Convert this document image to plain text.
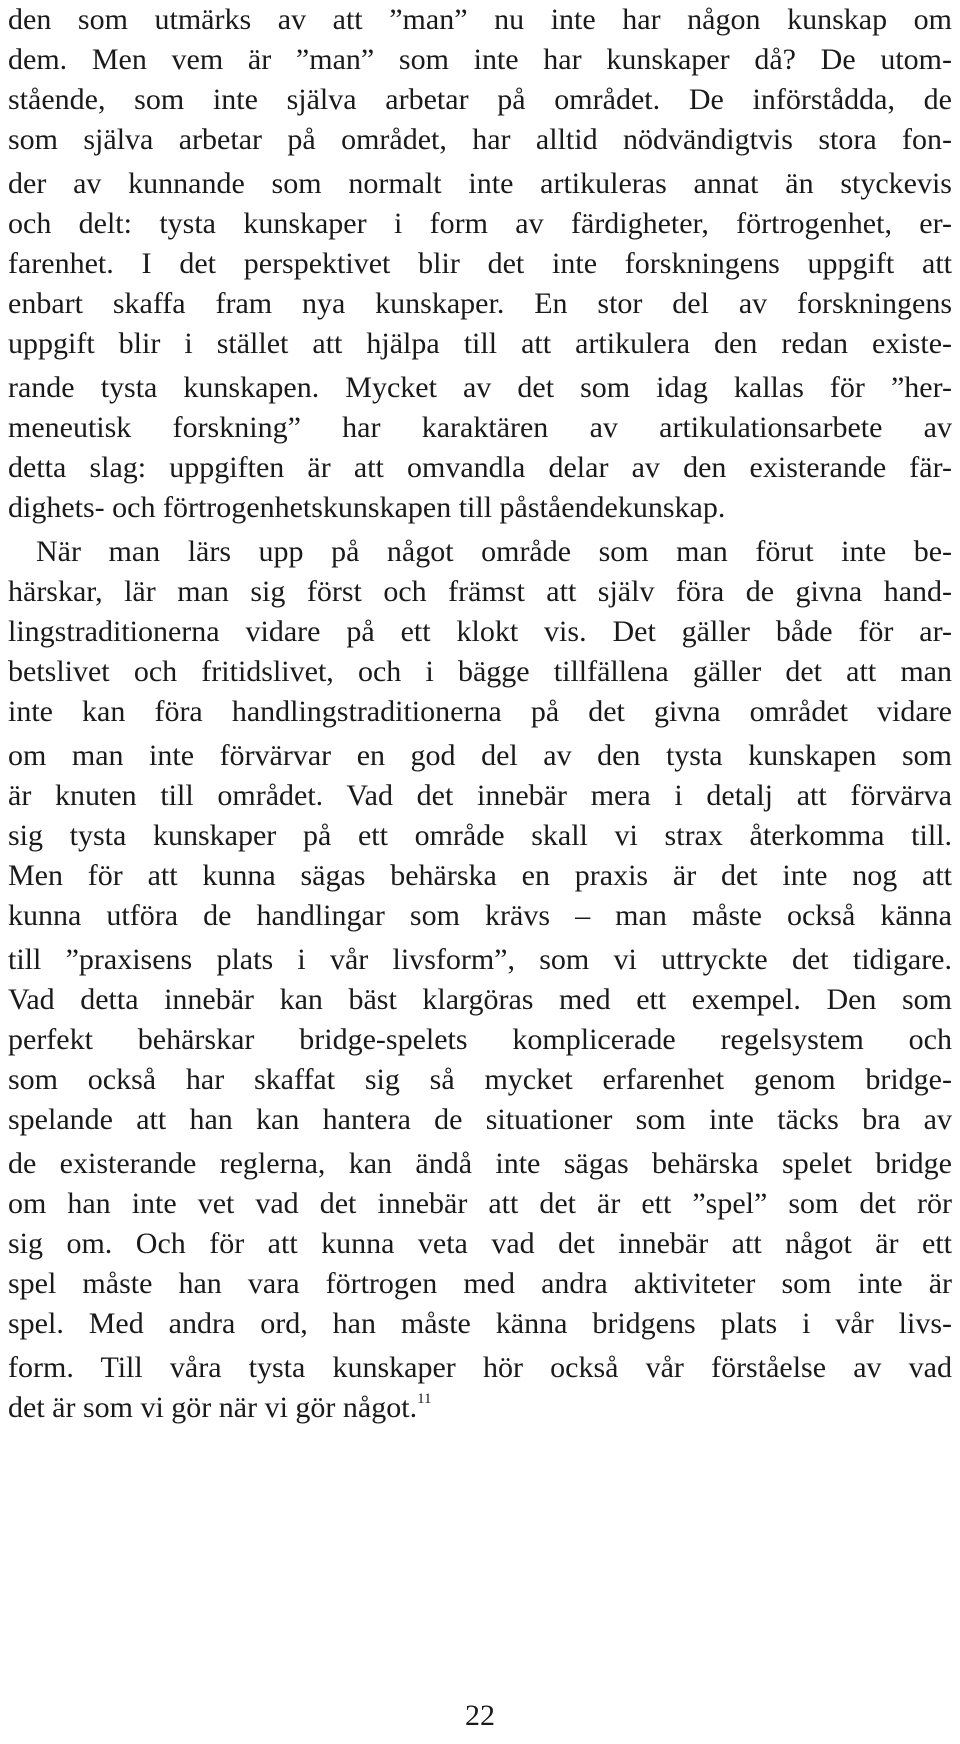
den som utmärks av att ”man” nu inte har någon kunskap om
dem. Men vem är ”man” som inte har kunskaper då? De utom-
stående, som inte själva arbetar på området. De införstådda, de
som själva arbetar på området, har alltid nödvändigtvis stora fon-
der av kunnande som normalt inte artikuleras annat än styckevis
och delt: tysta kunskaper i form av färdigheter, förtrogenhet, er-
farenhet. I det perspektivet blir det inte forskningens uppgift att
enbart skaffa fram nya kunskaper. En stor del av forskningens
uppgift blir i stället att hjälpa till att artikulera den redan existe-
rande tysta kunskapen. Mycket av det som idag kallas för ”her-
meneutisk forskning” har karaktären av artikulationsarbete av
detta slag: uppgiften är att omvandla delar av den existerande fär-
dighets- och förtrogenhetskunskapen till påståendekunskap.
När man lärs upp på något område som man förut inte be-
härskar, lär man sig först och främst att själv föra de givna hand-
lingstraditionerna vidare på ett klokt vis. Det gäller både för ar-
betslivet och fritidslivet, och i bägge tillfällena gäller det att man
inte kan föra handlingstraditionerna på det givna området vidare
om man inte förvärvar en god del av den tysta kunskapen som
är knuten till området. Vad det innebär mera i detalj att förvärva
sig tysta kunskaper på ett område skall vi strax återkomma till.
Men för att kunna sägas behärska en praxis är det inte nog att
kunna utföra de handlingar som krävs – man måste också känna
till ”praxisens plats i vår livsform”, som vi uttryckte det tidigare.
Vad detta innebär kan bäst klargöras med ett exempel. Den som
perfekt behärskar bridge-spelets komplicerade regelsystem och
som också har skaffat sig så mycket erfarenhet genom bridge-
spelande att han kan hantera de situationer som inte täcks bra av
de existerande reglerna, kan ändå inte sägas behärska spelet bridge
om han inte vet vad det innebär att det är ett ”spel” som det rör
sig om. Och för att kunna veta vad det innebär att något är ett
spel måste han vara förtrogen med andra aktiviteter som inte är
spel. Med andra ord, han måste känna bridgens plats i vår livs-
form. Till våra tysta kunskaper hör också vår förståelse av vad
det är som vi gör när vi gör något.$^{11}$
22
